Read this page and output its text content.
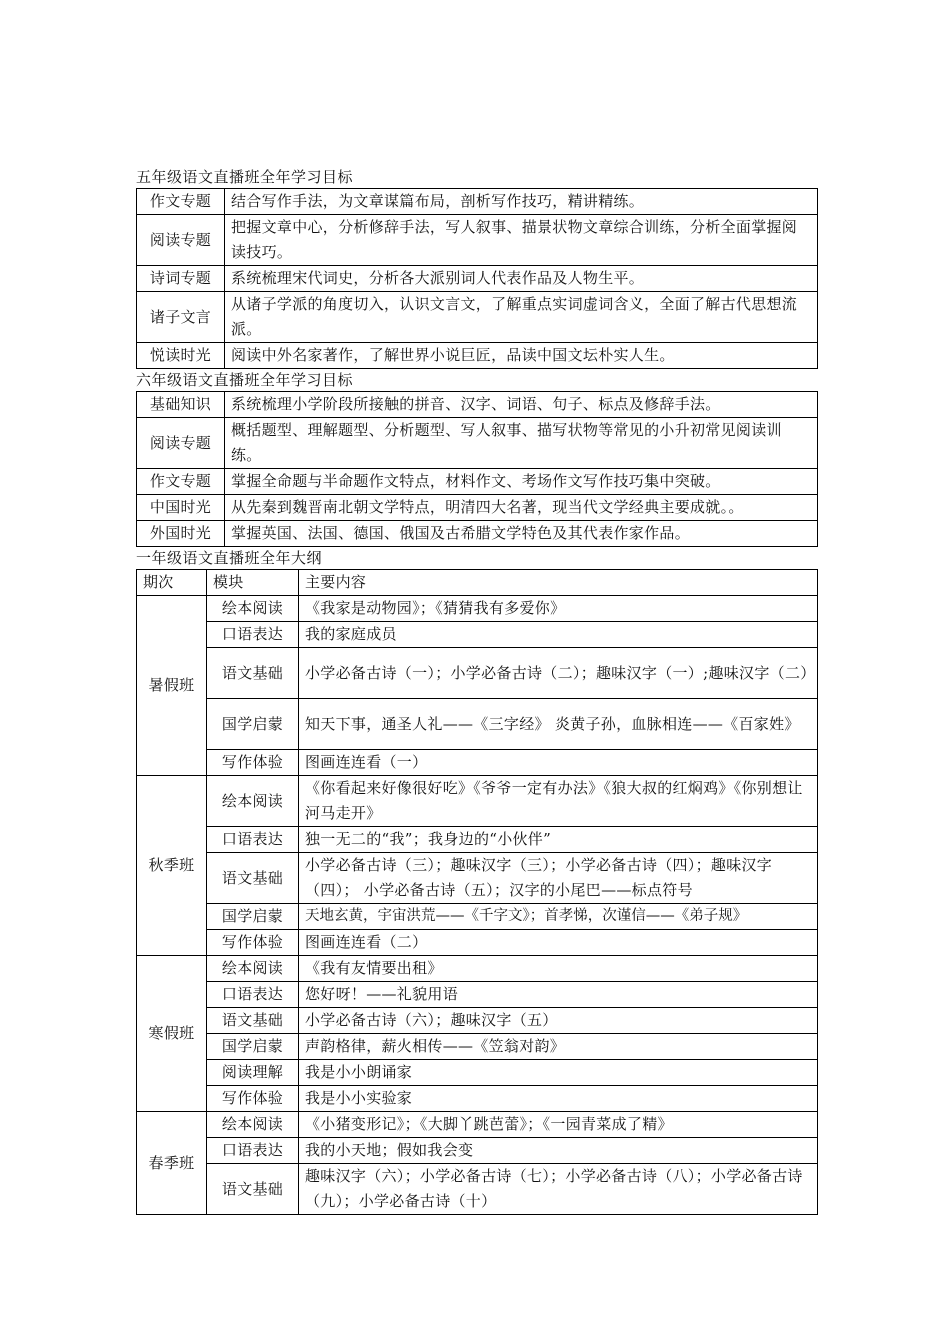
五年级语文直播班全年学习目标
作文专题	结合写作手法，为文章谋篇布局，剖析写作技巧，精讲精练。
阅读专题	把握文章中心，分析修辞手法，写人叙事、描景状物文章综合训练，分析全面掌握阅读技巧。
诗词专题	系统梳理宋代词史，分析各大派别词人代表作品及人物生平。
诸子文言	从诸子学派的角度切入，认识文言文，了解重点实词虚词含义，全面了解古代思想流派。
悦读时光	阅读中外名家著作，了解世界小说巨匠，品读中国文坛朴实人生。
六年级语文直播班全年学习目标
基础知识	系统梳理小学阶段所接触的拼音、汉字、词语、句子、标点及修辞手法。
阅读专题	概括题型、理解题型、分析题型、写人叙事、描写状物等常见的小升初常见阅读训练。
作文专题	掌握全命题与半命题作文特点，材料作文、考场作文写作技巧集中突破。
中国时光	从先秦到魏晋南北朝文学特点，明清四大名著，现当代文学经典主要成就。。
外国时光	掌握英国、法国、德国、俄国及古希腊文学特色及其代表作家作品。
一年级语文直播班全年大纲
期次	模块	主要内容
暑假班	绘本阅读	《我家是动物园》；《猜猜我有多爱你》
	口语表达	我的家庭成员
	语文基础	小学必备古诗（一）；小学必备古诗（二）；趣味汉字（一）;趣味汉字（二）
	国学启蒙	知天下事，通圣人礼——《三字经》 炎黄子孙，血脉相连——《百家姓》
	写作体验	图画连连看（一）
秋季班	绘本阅读	《你看起来好像很好吃》《爷爷一定有办法》《狼大叔的红焖鸡》《你别想让河马走开》
	口语表达	独一无二的“我”；我身边的“小伙伴”
	语文基础	小学必备古诗（三）；趣味汉字（三）；小学必备古诗（四）；趣味汉字（四）； 小学必备古诗（五）；汉字的小尾巴——标点符号
	国学启蒙	天地玄黄，宇宙洪荒——《千字文》；首孝悌，次谨信——《弟子规》
	写作体验	图画连连看（二）
寒假班	绘本阅读	《我有友情要出租》
	口语表达	您好呀！——礼貌用语
	语文基础	小学必备古诗（六）；趣味汉字（五）
	国学启蒙	声韵格律，薪火相传——《笠翁对韵》
	阅读理解	我是小小朗诵家
	写作体验	我是小小实验家
春季班	绘本阅读	《小猪变形记》；《大脚丫跳芭蕾》；《一园青菜成了精》
	口语表达	我的小天地；假如我会变
	语文基础	趣味汉字（六）；小学必备古诗（七）；小学必备古诗（八）；小学必备古诗（九）；小学必备古诗（十）
